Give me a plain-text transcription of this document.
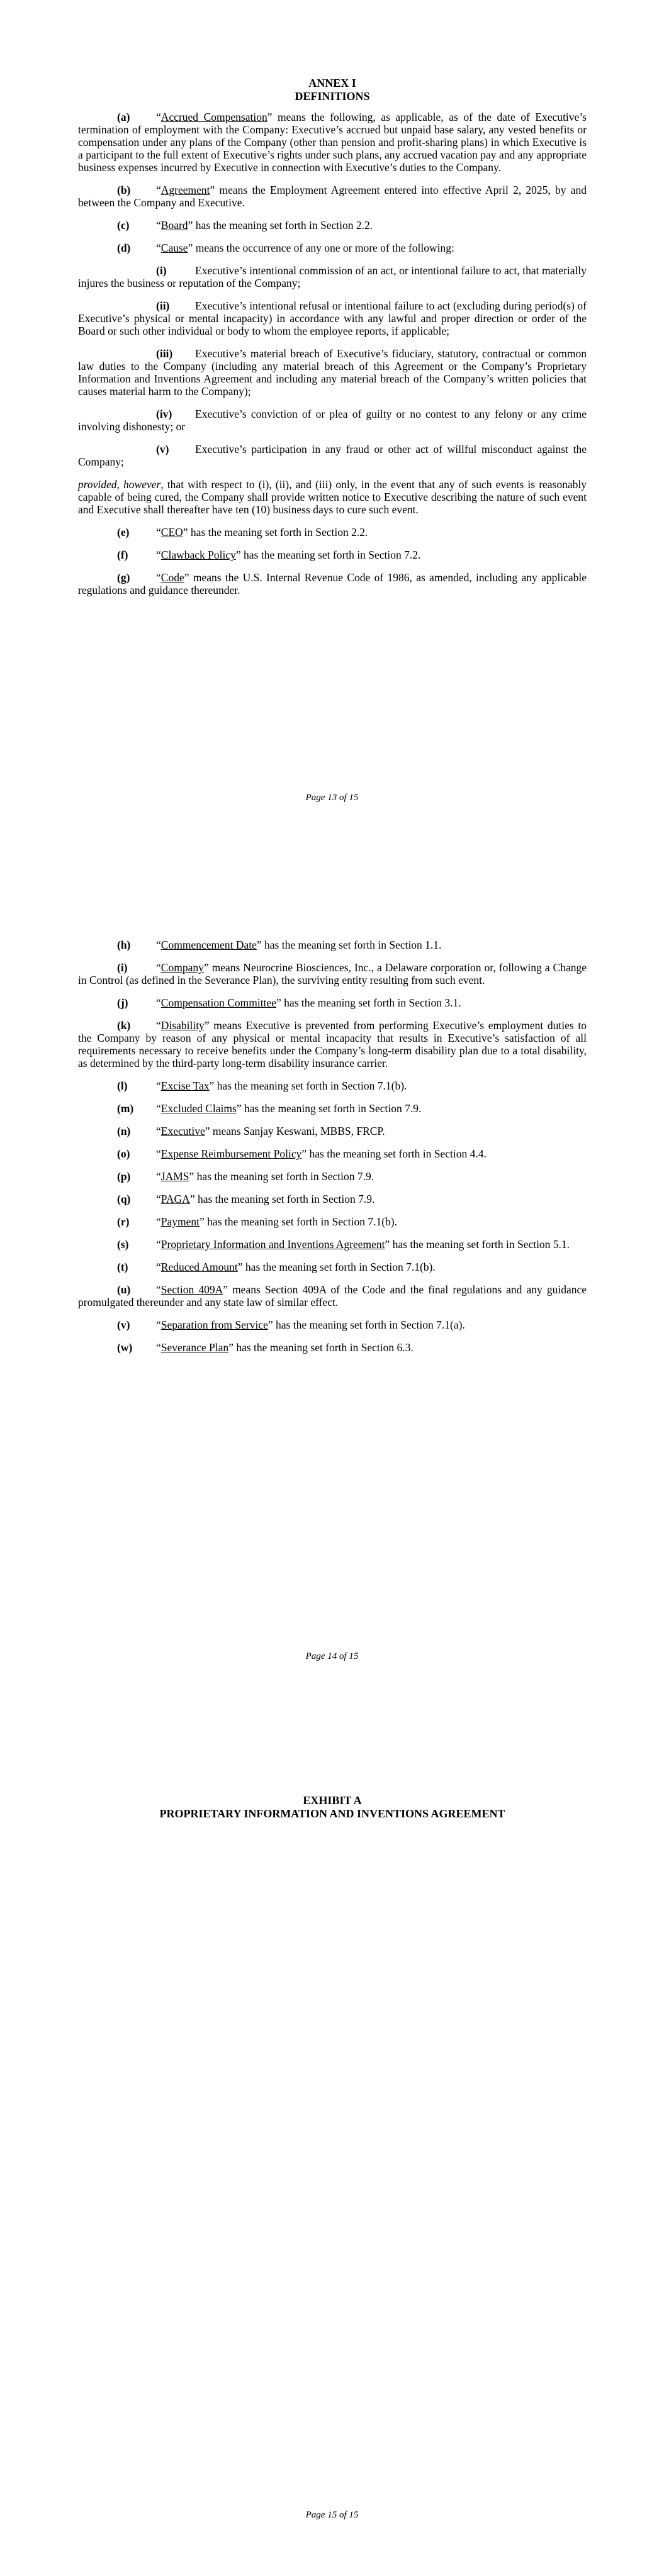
ANNEX I
DEFINITIONS
(a) “Accrued Compensation” means the following, as applicable, as of the date of Executive’s termination of employment with the Company: Executive’s accrued but unpaid base salary, any vested benefits or compensation under any plans of the Company (other than pension and profit-sharing plans) in which Executive is a participant to the full extent of Executive’s rights under such plans, any accrued vacation pay and any appropriate business expenses incurred by Executive in connection with Executive’s duties to the Company.
(b) “Agreement” means the Employment Agreement entered into effective April 2, 2025, by and between the Company and Executive.
(c) “Board” has the meaning set forth in Section 2.2.
(d) “Cause” means the occurrence of any one or more of the following:
(i)	Executive’s intentional commission of an act, or intentional failure to act, that materially injures the business or reputation of the Company;
(ii) Executive’s intentional refusal or intentional failure to act (excluding during period(s) of Executive’s physical or mental incapacity) in accordance with any lawful and proper direction or order of the Board or such other individual or body to whom the employee reports, if applicable;
(iii) Executive’s material breach of Executive’s fiduciary, statutory, contractual or common law duties to the Company (including any material breach of this Agreement or the Company’s Proprietary Information and Inventions Agreement and including any material breach of the Company’s written policies that causes material harm to the Company);
(iv) Executive’s conviction of or plea of guilty or no contest to any felony or any crime involving dishonesty; or
(v) Executive’s participation in any fraud or other act of willful misconduct against the Company;
provided, however, that with respect to (i), (ii), and (iii) only, in the event that any of such events is reasonably capable of being cured, the Company shall provide written notice to Executive describing the nature of such event and Executive shall thereafter have ten (10) business days to cure such event.
(e) “CEO” has the meaning set forth in Section 2.2.
(f)	“Clawback Policy” has the meaning set forth in Section 7.2.
(g) “Code” means the U.S. Internal Revenue Code of 1986, as amended, including any applicable regulations and guidance thereunder.
Page 13 of 15
(h) “Commencement Date” has the meaning set forth in Section 1.1.
(i)	“Company” means Neurocrine Biosciences, Inc., a Delaware corporation or, following a Change in Control (as defined in the Severance Plan), the surviving entity resulting from such event.
(j)	“Compensation Committee” has the meaning set forth in Section 3.1.
(k) “Disability” means Executive is prevented from performing Executive’s employment duties to the Company by reason of any physical or mental incapacity that results in Executive’s satisfaction of all requirements necessary to receive benefits under the Company’s long-term disability plan due to a total disability, as determined by the third-party long-term disability insurance carrier.
(l)	“Excise Tax” has the meaning set forth in Section 7.1(b).
(m) “Excluded Claims” has the meaning set forth in Section 7.9.
(n) “Executive” means Sanjay Keswani, MBBS, FRCP.
(o) “Expense Reimbursement Policy” has the meaning set forth in Section 4.4.
(p) “JAMS” has the meaning set forth in Section 7.9.
(q) “PAGA” has the meaning set forth in Section 7.9.
(r) “Payment” has the meaning set forth in Section 7.1(b).
(s) “Proprietary Information and Inventions Agreement” has the meaning set forth in Section 5.1.
(t)	“Reduced Amount” has the meaning set forth in Section 7.1(b).
(u) “Section 409A” means Section 409A of the Code and the final regulations and any guidance promulgated thereunder and any state law of similar effect.
(v) “Separation from Service” has the meaning set forth in Section 7.1(a).
(w) “Severance Plan” has the meaning set forth in Section 6.3.
Page 14 of 15
EXHIBIT A
PROPRIETARY INFORMATION AND INVENTIONS AGREEMENT
Page 15 of 15
